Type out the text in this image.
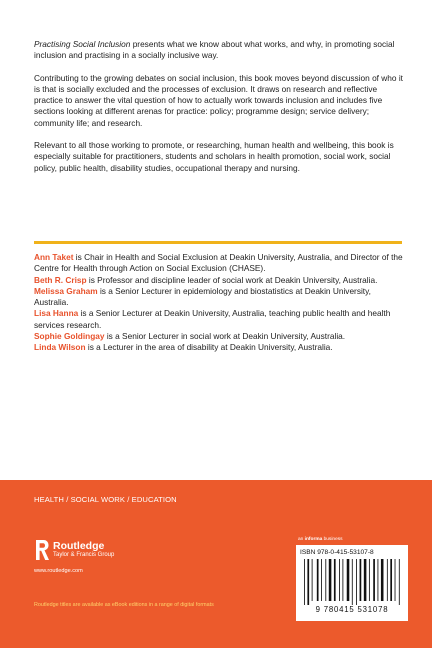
Practising Social Inclusion presents what we know about what works, and why, in promoting social inclusion and practising in a socially inclusive way.

Contributing to the growing debates on social inclusion, this book moves beyond discussion of who it is that is socially excluded and the processes of exclusion. It draws on research and reflective practice to answer the vital question of how to actually work towards inclusion and includes five sections looking at different arenas for practice: policy; programme design; service delivery; community life; and research.

Relevant to all those working to promote, or researching, human health and wellbeing, this book is especially suitable for practitioners, students and scholars in health promotion, social work, social policy, public health, disability studies, occupational therapy and nursing.

Ann Taket is Chair in Health and Social Exclusion at Deakin University, Australia, and Director of the Centre for Health through Action on Social Exclusion (CHASE).

Beth R. Crisp is Professor and discipline leader of social work at Deakin University, Australia.

Melissa Graham is a Senior Lecturer in epidemiology and biostatistics at Deakin University, Australia.

Lisa Hanna is a Senior Lecturer at Deakin University, Australia, teaching public health and health services research.

Sophie Goldingay is a Senior Lecturer in social work at Deakin University, Australia.

Linda Wilson is a Lecturer in the area of disability at Deakin University, Australia.

HEALTH / SOCIAL WORK / EDUCATION
Routledge
Taylor & Francis Group
www.routledge.com
Routledge titles are available as eBook editions in a range of digital formats
an informa business
ISBN 978-0-415-53107-8
9 780415 531078
